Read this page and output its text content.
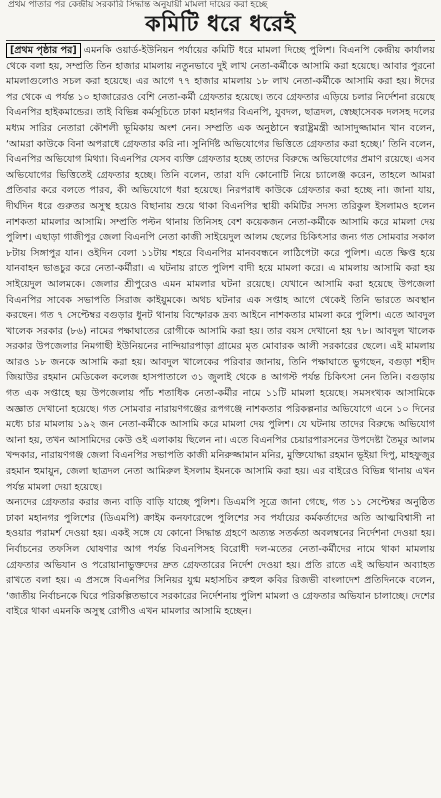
প্রথম পাতার পর কেন্দ্রীয় সরকারি সিদ্ধান্ত অনুযায়ী মামলা দায়ের করা হচ্ছে
কমিটি ধরে ধরেই

[প্রথম পৃষ্ঠার পর] এমনকি ওয়ার্ড-ইউনিয়ন পর্যায়ের কমিটি ধরে মামলা দিচ্ছে পুলিশ। বিএনপি কেন্দ্রীয় কার্যালয় থেকে বলা হয়, সম্প্রতি তিন হাজার মামলায় নতুনভাবে দুই লাখ নেতা-কর্মীকে আসামি করা হয়েছে। আবার পুরনো মামলাগুলোও সচল করা হয়েছে। এর আগে ৭৭ হাজার মামলায় ১৮ লাখ নেতা-কর্মীকে আসামি করা হয়। ঈদের পর থেকে এ পর্যন্ত ১০ হাজারেরও বেশি নেতা-কর্মী গ্রেফতার হয়েছে। তবে গ্রেফতার এড়িয়ে চলার নির্দেশনা রয়েছে বিএনপির হাইকমান্ডের। তাই বিভিন্ন কর্মসূচিতে ঢাকা মহানগর বিএনপি, যুবদল, ছাত্রদল, স্বেচ্ছাসেবক দলসহ দলের মধ্যম সারির নেতারা কৌশলী ভূমিকায় অংশ নেন। সম্প্রতি এক অনুষ্ঠানে স্বরাষ্ট্রমন্ত্রী আসাদুজ্জামান খান বলেন, ‘আমরা কাউকে বিনা অপরাধে গ্রেফতার করি না। সুনির্দিষ্ট অভিযোগের ভিত্তিতে গ্রেফতার করা হচ্ছে।’ তিনি বলেন, বিএনপির অভিযোগ মিথ্যা। বিএনপির যেসব ব্যক্তি গ্রেফতার হচ্ছে তাদের বিরুদ্ধে অভিযোগের প্রমাণ রয়েছে। এসব অভিযোগের ভিত্তিতেই গ্রেফতার হচ্ছে। তিনি বলেন, তারা যদি কোনোটি নিয়ে চ্যালেঞ্জ করেন, তাহলে আমরা প্রতিবার করে বলতে পারব, কী অভিযোগে ধরা হয়েছে। নিরপরাধ কাউকে গ্রেফতার করা হচ্ছে না। জানা যায়, দীর্ঘদিন ধরে গুরুতর অসুস্থ হয়েও বিছানায় শুয়ে থাকা বিএনপির স্থায়ী কমিটির সদস্য তরিকুল ইসলামও হলেন নাশকতা মামলার আসামি। সম্প্রতি পল্টন থানায় তিনিসহ বেশ কয়েকজন নেতা-কর্মীকে আসামি করে মামলা দেয় পুলিশ। এছাড়া গাজীপুর জেলা বিএনপি নেতা কাজী সাইয়েদুল আলম ছেলের চিকিৎসার জন্য গত সোমবার সকাল ৮টায় সিঙ্গাপুর যান। ওইদিন বেলা ১১টায় শহরে বিএনপির মানববন্ধনে লাঠিপেটা করে পুলিশ। এতে ক্ষিপ্ত হয়ে যানবাহন ভাঙচুর করে নেতা-কর্মীরা। এ ঘটনায় রাতে পুলিশ বাদী হয়ে মামলা করে। এ মামলায় আসামি করা হয় সাইয়েদুল আলমকে। জেলার শ্রীপুরেও এমন মামলার ঘটনা রয়েছে। যেখানে আসামি করা হয়েছে উপজেলা বিএনপির সাবেক সভাপতি সিরাজ কাইয়ুমকে। অথচ ঘটনার এক সপ্তাহ আগে থেকেই তিনি ভারতে অবস্থান করছেন। গত ৭ সেপ্টেম্বর বগুড়ার ধুনট থানায় বিস্ফোরক দ্রব্য আইনে নাশকতার মামলা করে পুলিশ। এতে আবদুল খালেক সরকার (৮৬) নামের পক্ষাঘাতের রোগীকে আসামি করা হয়। তার বয়স দেখানো হয় ৭৮। আবদুল খালেক সরকার উপজেলার নিমগাছী ইউনিয়নের নান্দিয়ারপাড়া গ্রামের মৃত মোবারক আলী সরকারের ছেলে। এই মামলায় আরও ১৮ জনকে আসামি করা হয়। আবদুল খালেকের পরিবার জানায়, তিনি পক্ষাঘাতে ভুগছেন, বগুড়া শহীদ জিয়াউর রহমান মেডিকেল কলেজ হাসপাতালে ৩১ জুলাই থেকে ৪ আগস্ট পর্যন্ত চিকিৎসা নেন তিনি। বগুড়ায় গত এক সপ্তাহে ছয় উপজেলায় পাঁচ শতাধিক নেতা-কর্মীর নামে ১১টি মামলা হয়েছে। সমসংখ্যক আসামিকে অজ্ঞাত দেখানো হয়েছে। গত সোমবার নারায়ণগঞ্জের রূপগঞ্জে নাশকতার পরিকল্পনার অভিযোগে এনে ১০ দিনের মধ্যে চার মামলায় ১৯২ জন নেতা-কর্মীকে আসামি করে মামলা দেয় পুলিশ। যে ঘটনায় তাদের বিরুদ্ধে অভিযোগ আনা হয়, তখন আসামিদের কেউ ওই এলাকায় ছিলেন না। এতে বিএনপির চেয়ারপারসনের উপদেষ্টা তৈমূর আলম খন্দকার, নারায়ণগঞ্জ জেলা বিএনপির সভাপতি কাজী মনিরুজ্জামান মনির, মুক্তিযোদ্ধা রহমান ভূইয়া দিপু, মাহফুজুর রহমান হুমায়ুন, জেলা ছাত্রদল নেতা আমিরুল ইসলাম ইমনকে আসামি করা হয়। এর বাইরেও বিভিন্ন থানায় এখন পর্যন্ত মামলা দেয়া হয়েছে।

অন্যদের গ্রেফতার করার জন্য বাড়ি বাড়ি যাচ্ছে পুলিশ। ডিএমপি সূত্রে জানা গেছে, গত ১১ সেপ্টেম্বর অনুষ্ঠিত ঢাকা মহানগর পুলিশের (ডিএমপি) ক্রাইম কনফারেন্সে পুলিশের সব পর্যায়ের কর্মকর্তাদের অতি আত্মবিশ্বাসী না হওয়ার পরামর্শ দেওয়া হয়। একই সঙ্গে যে কোনো সিদ্ধান্ত গ্রহণে অত্যন্ত সতর্কতা অবলম্বনের নির্দেশনা দেওয়া হয়। নির্বাচনের তফসিল ঘোষণার আগ পর্যন্ত বিএনপিসহ বিরোধী দল-মতের নেতা-কর্মীদের নামে থাকা মামলায় গ্রেফতার অভিযান ও পরোয়ানাভুক্তদের দ্রুত গ্রেফতারের নির্দেশ দেওয়া হয়। প্রতি রাতে এই অভিযান অব্যাহত রাখতে বলা হয়। এ প্রসঙ্গে বিএনপির সিনিয়র যুগ্ম মহাসচিব রুহুল কবির রিজভী বাংলাদেশ প্রতিদিনকে বলেন, ‘জাতীয় নির্বাচনকে ঘিরে পরিকল্পিতভাবে সরকারের নির্দেশনায় পুলিশ মামলা ও গ্রেফতার অভিযান চালাচ্ছে। দেশের বাইরে থাকা এমনকি অসুস্থ রোগীও এখন মামলার আসামি হচ্ছেন।
